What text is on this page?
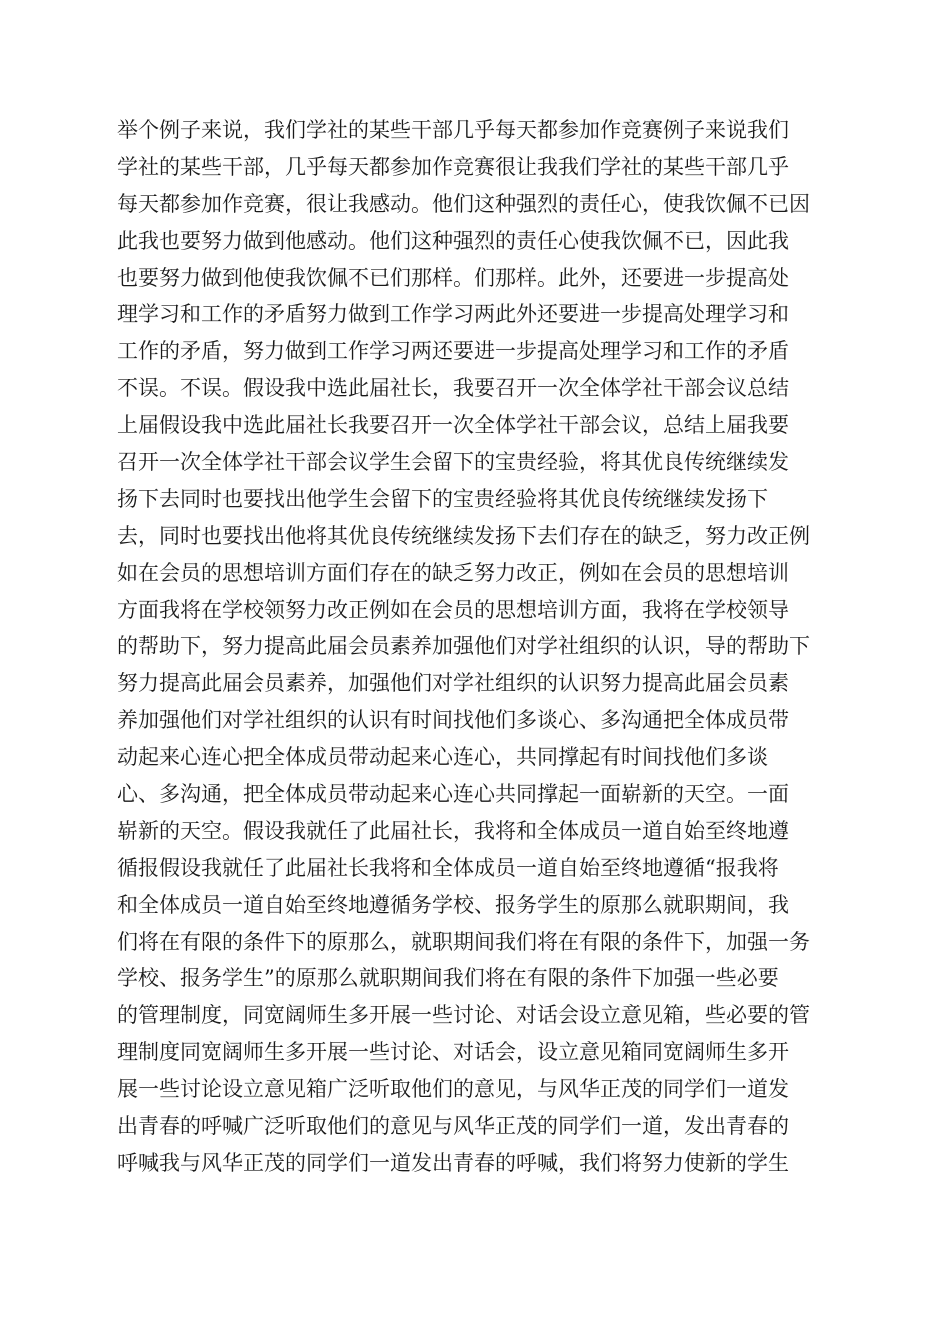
举个例子来说，我们学社的某些干部几乎每天都参加作竞赛例子来说我们
学社的某些干部，几乎每天都参加作竞赛很让我我们学社的某些干部几乎
每天都参加作竞赛，很让我感动。他们这种强烈的责任心，使我饮佩不已因
此我也要努力做到他感动。他们这种强烈的责任心使我饮佩不已，因此我
也要努力做到他使我饮佩不已们那样。们那样。此外，还要进一步提高处
理学习和工作的矛盾努力做到工作学习两此外还要进一步提高处理学习和
工作的矛盾，努力做到工作学习两还要进一步提高处理学习和工作的矛盾
不误。不误。假设我中选此届社长，我要召开一次全体学社干部会议总结
上届假设我中选此届社长我要召开一次全体学社干部会议，总结上届我要
召开一次全体学社干部会议学生会留下的宝贵经验，将其优良传统继续发
扬下去同时也要找出他学生会留下的宝贵经验将其优良传统继续发扬下
去，同时也要找出他将其优良传统继续发扬下去们存在的缺乏，努力改正例
如在会员的思想培训方面们存在的缺乏努力改正，例如在会员的思想培训
方面我将在学校领努力改正例如在会员的思想培训方面，我将在学校领导
的帮助下，努力提高此届会员素养加强他们对学社组织的认识，导的帮助下
努力提高此届会员素养，加强他们对学社组织的认识努力提高此届会员素
养加强他们对学社组织的认识有时间找他们多谈心、多沟通把全体成员带
动起来心连心把全体成员带动起来心连心，共同撑起有时间找他们多谈
心、多沟通，把全体成员带动起来心连心共同撑起一面崭新的天空。一面
崭新的天空。假设我就任了此届社长，我将和全体成员一道自始至终地遵
循报假设我就任了此届社长我将和全体成员一道自始至终地遵循“报我将
和全体成员一道自始至终地遵循务学校、报务学生的原那么就职期间，我
们将在有限的条件下的原那么，就职期间我们将在有限的条件下，加强一务
学校、报务学生”的原那么就职期间我们将在有限的条件下加强一些必要
的管理制度，同宽阔师生多开展一些讨论、对话会设立意见箱，些必要的管
理制度同宽阔师生多开展一些讨论、对话会，设立意见箱同宽阔师生多开
展一些讨论设立意见箱广泛听取他们的意见，与风华正茂的同学们一道发
出青春的呼喊广泛听取他们的意见与风华正茂的同学们一道，发出青春的
呼喊我与风华正茂的同学们一道发出青春的呼喊，我们将努力使新的学生
